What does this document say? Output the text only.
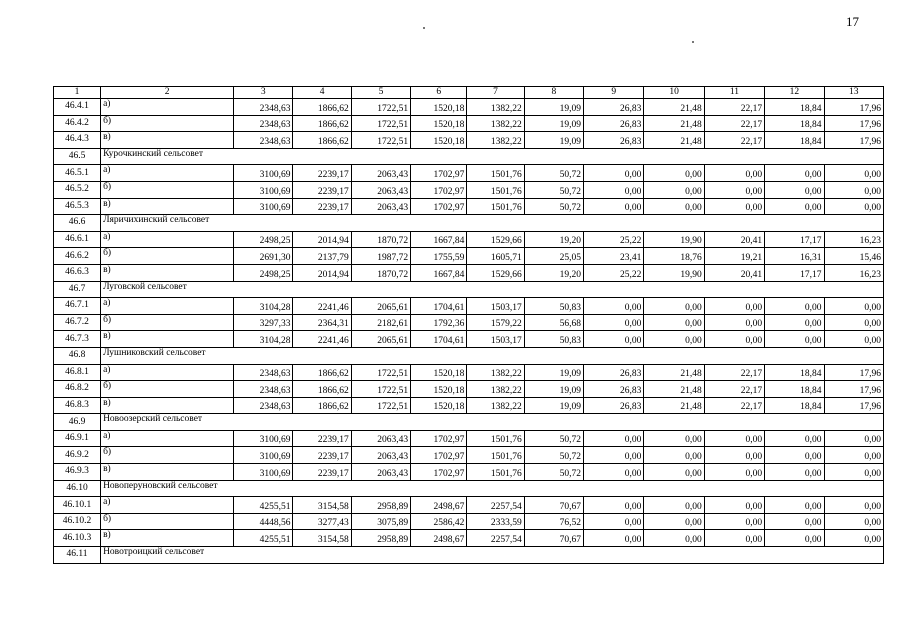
17
1	2	3	4	5	6	7	8	9	10	11	12	13
46.4.1	а)	2348,63	1866,62	1722,51	1520,18	1382,22	19,09	26,83	21,48	22,17	18,84	17,96
46.4.2	б)	2348,63	1866,62	1722,51	1520,18	1382,22	19,09	26,83	21,48	22,17	18,84	17,96
46.4.3	в)	2348,63	1866,62	1722,51	1520,18	1382,22	19,09	26,83	21,48	22,17	18,84	17,96
46.5	Курочкинский сельсовет											
46.5.1	а)	3100,69	2239,17	2063,43	1702,97	1501,76	50,72	0,00	0,00	0,00	0,00	0,00
46.5.2	б)	3100,69	2239,17	2063,43	1702,97	1501,76	50,72	0,00	0,00	0,00	0,00	0,00
46.5.3	в)	3100,69	2239,17	2063,43	1702,97	1501,76	50,72	0,00	0,00	0,00	0,00	0,00
46.6	Ляричихинский сельсовет											
46.6.1	а)	2498,25	2014,94	1870,72	1667,84	1529,66	19,20	25,22	19,90	20,41	17,17	16,23
46.6.2	б)	2691,30	2137,79	1987,72	1755,59	1605,71	25,05	23,41	18,76	19,21	16,31	15,46
46.6.3	в)	2498,25	2014,94	1870,72	1667,84	1529,66	19,20	25,22	19,90	20,41	17,17	16,23
46.7	Луговской сельсовет											
46.7.1	а)	3104,28	2241,46	2065,61	1704,61	1503,17	50,83	0,00	0,00	0,00	0,00	0,00
46.7.2	б)	3297,33	2364,31	2182,61	1792,36	1579,22	56,68	0,00	0,00	0,00	0,00	0,00
46.7.3	в)	3104,28	2241,46	2065,61	1704,61	1503,17	50,83	0,00	0,00	0,00	0,00	0,00
46.8	Лушниковский сельсовет											
46.8.1	а)	2348,63	1866,62	1722,51	1520,18	1382,22	19,09	26,83	21,48	22,17	18,84	17,96
46.8.2	б)	2348,63	1866,62	1722,51	1520,18	1382,22	19,09	26,83	21,48	22,17	18,84	17,96
46.8.3	в)	2348,63	1866,62	1722,51	1520,18	1382,22	19,09	26,83	21,48	22,17	18,84	17,96
46.9	Новоозерский сельсовет											
46.9.1	а)	3100,69	2239,17	2063,43	1702,97	1501,76	50,72	0,00	0,00	0,00	0,00	0,00
46.9.2	б)	3100,69	2239,17	2063,43	1702,97	1501,76	50,72	0,00	0,00	0,00	0,00	0,00
46.9.3	в)	3100,69	2239,17	2063,43	1702,97	1501,76	50,72	0,00	0,00	0,00	0,00	0,00
46.10	Новоперуновский сельсовет											
46.10.1	а)	4255,51	3154,58	2958,89	2498,67	2257,54	70,67	0,00	0,00	0,00	0,00	0,00
46.10.2	б)	4448,56	3277,43	3075,89	2586,42	2333,59	76,52	0,00	0,00	0,00	0,00	0,00
46.10.3	в)	4255,51	3154,58	2958,89	2498,67	2257,54	70,67	0,00	0,00	0,00	0,00	0,00
46.11	Новотроицкий сельсовет											
